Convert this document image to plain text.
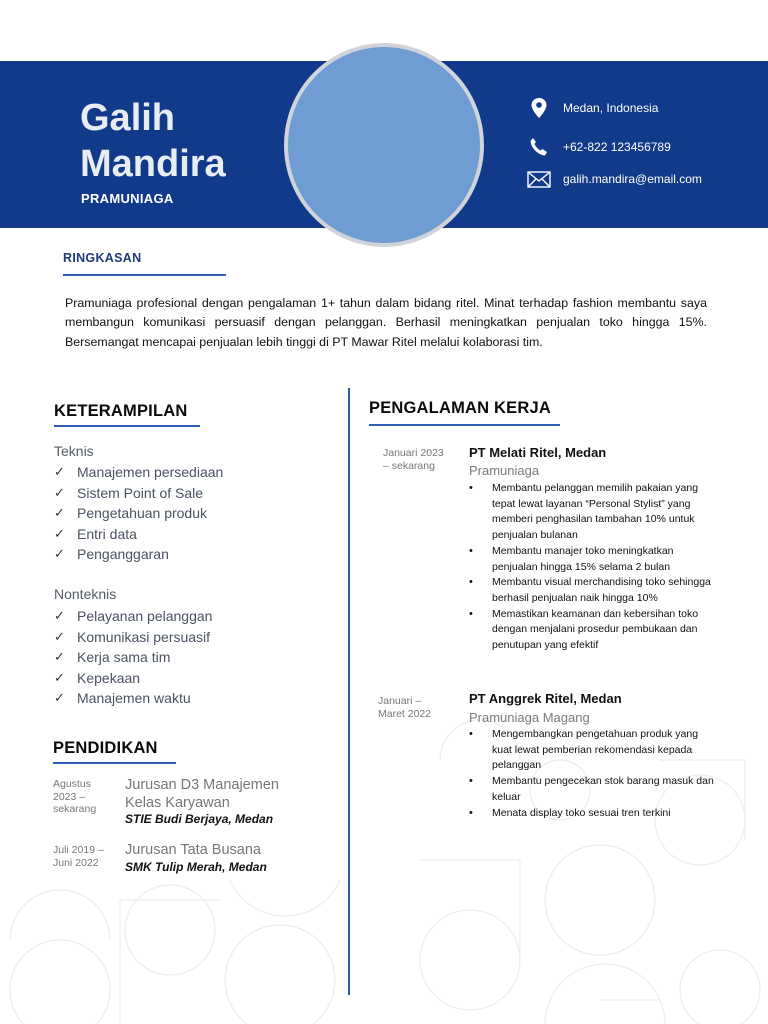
Galih
Mandira
PRAMUNIAGA
Medan, Indonesia
+62-822 123456789
galih.mandira@email.com
RINGKASAN

Pramuniaga profesional dengan pengalaman 1+ tahun dalam bidang ritel. Minat terhadap fashion membantu saya membangun komunikasi persuasif dengan pelanggan. Berhasil meningkatkan penjualan toko hingga 15%. Bersemangat mencapai penjualan lebih tinggi di PT Mawar Ritel melalui kolaborasi tim.

KETERAMPILAN
Teknis
✓ Manajemen persediaan
✓ Sistem Point of Sale
✓ Pengetahuan produk
✓ Entri data
✓ Penganggaran
Nonteknis
✓ Pelayanan pelanggan
✓ Komunikasi persuasif
✓ Kerja sama tim
✓ Kepekaan
✓ Manajemen waktu
PENDIDIKAN
Agustus 2023 – sekarang
Jurusan D3 Manajemen Kelas Karyawan
STIE Budi Berjaya, Medan
Juli 2019 – Juni 2022
Jurusan Tata Busana
SMK Tulip Merah, Medan
PENGALAMAN KERJA
Januari 2023 – sekarang
PT Melati Ritel, Medan
Pramuniaga
• Membantu pelanggan memilih pakaian yang tepat lewat layanan “Personal Stylist” yang memberi penghasilan tambahan 10% untuk penjualan bulanan
• Membantu manajer toko meningkatkan penjualan hingga 15% selama 2 bulan
• Membantu visual merchandising toko sehingga berhasil penjualan naik hingga 10%
• Memastikan keamanan dan kebersihan toko dengan menjalani prosedur pembukaan dan penutupan yang efektif
Januari – Maret 2022
PT Anggrek Ritel, Medan
Pramuniaga Magang
• Mengembangkan pengetahuan produk yang kuat lewat pemberian rekomendasi kepada pelanggan
• Membantu pengecekan stok barang masuk dan keluar
• Menata display toko sesuai tren terkini
